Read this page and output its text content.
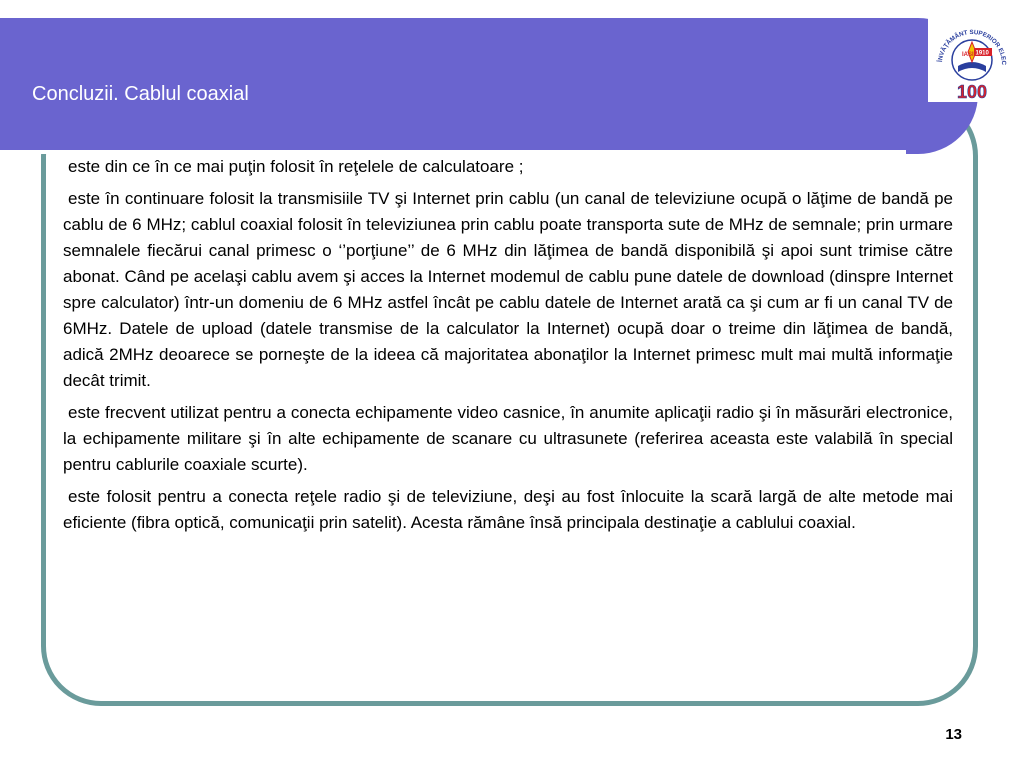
Concluzii. Cablul coaxial
ÎNVĂȚĂMÂNT SUPERIOR ELEC
IAȘI 1910
100

este din ce în ce mai puţin folosit în reţelele de calculatoare ;

este în continuare folosit la transmisiile TV şi Internet prin cablu (un canal de televiziune ocupă o lăţime de bandă pe cablu de 6 MHz; cablul coaxial folosit în televiziunea prin cablu poate transporta sute de MHz de semnale; prin urmare semnalele fiecărui canal primesc o ‘’porţiune’’ de 6 MHz din lăţimea de bandă disponibilă şi apoi sunt trimise către abonat. Când pe acelaşi cablu avem şi acces la Internet modemul de cablu pune datele de download (dinspre Internet spre calculator) într-un domeniu de 6 MHz astfel încât pe cablu datele de Internet arată ca şi cum ar fi un canal TV de 6MHz. Datele de upload (datele transmise de la calculator la Internet) ocupă doar o treime din lăţimea de bandă, adică 2MHz deoarece se porneşte de la ideea că majoritatea abonaţilor la Internet primesc mult mai multă informaţie decât trimit.

este frecvent utilizat pentru a conecta echipamente video casnice, în anumite aplicaţii radio şi în măsurări electronice, la echipamente militare şi în alte echipamente de scanare cu ultrasunete (referirea aceasta este valabilă în special pentru cablurile coaxiale scurte).

este folosit pentru a conecta reţele radio şi de televiziune, deşi au fost înlocuite la scară largă de alte metode mai eficiente (fibra optică, comunicaţii prin satelit). Acesta rămâne însă principala destinaţie a cablului coaxial.

13
